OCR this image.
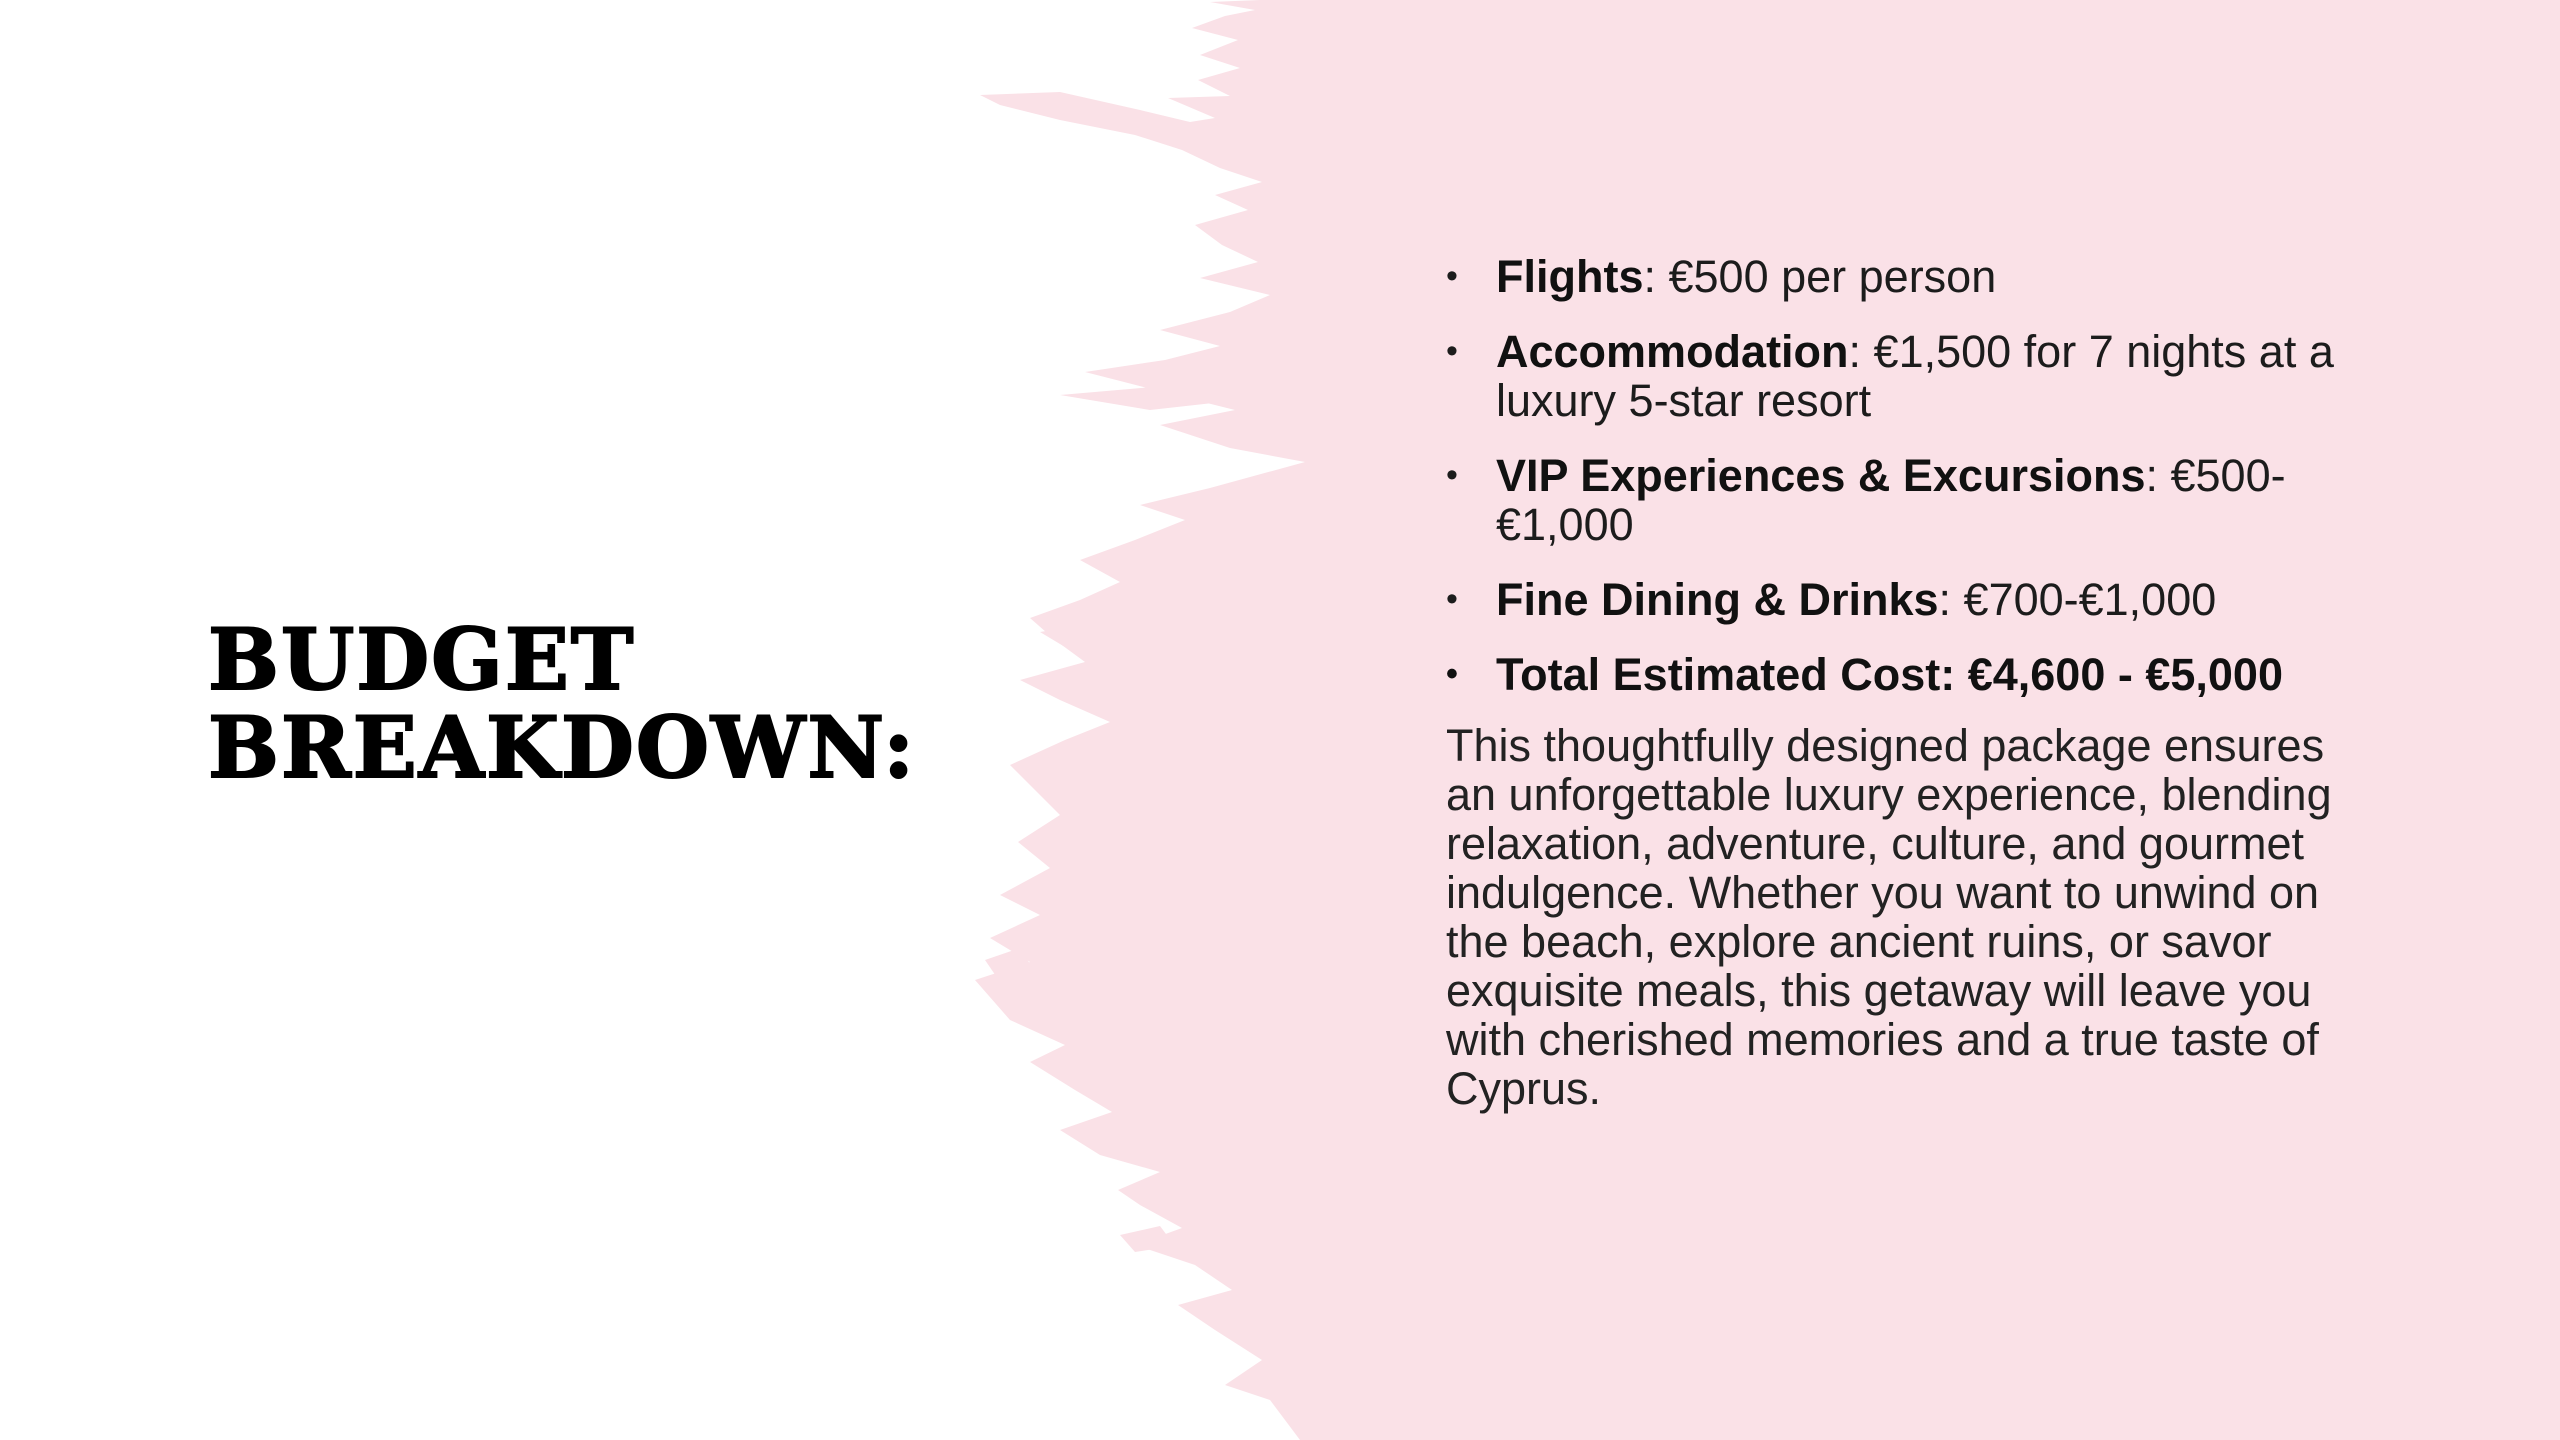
BUDGET
BREAKDOWN:
• Flights: €500 per person
• Accommodation: €1,500 for 7 nights at a luxury 5-star resort
• VIP Experiences & Excursions: €500-€1,000
• Fine Dining & Drinks: €700-€1,000
• Total Estimated Cost: €4,600 - €5,000

This thoughtfully designed package ensures an unforgettable luxury experience, blending relaxation, adventure, culture, and gourmet indulgence. Whether you want to unwind on the beach, explore ancient ruins, or savor exquisite meals, this getaway will leave you with cherished memories and a true taste of Cyprus.
